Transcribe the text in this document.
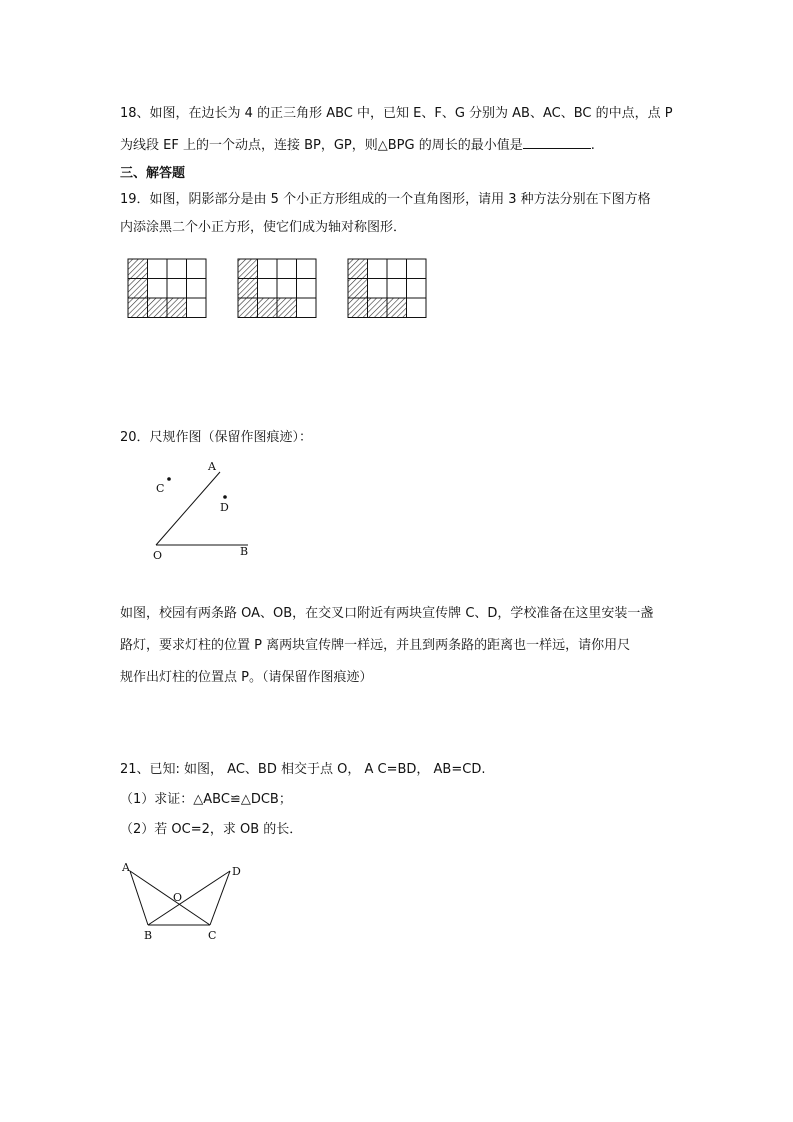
18、如图，在边长为 4 的正三角形 ABC 中，已知 E、F、G 分别为 AB、AC、BC 的中点，点 P
为线段 EF 上的一个动点，连接 BP，GP，则△BPG 的周长的最小值是	.
三、解答题
19．如图，阴影部分是由 5 个小正方形组成的一个直角图形，请用 3 种方法分别在下图方格
内添涂黑二个小正方形，使它们成为轴对称图形．
20．尺规作图（保留作图痕迹）：
A
C
D
O	B
如图，校园有两条路 OA、OB，在交叉口附近有两块宣传牌 C、D，学校准备在这里安装一盏
路灯，要求灯柱的位置 P 离两块宣传牌一样远，并且到两条路的距离也一样远，请你用尺
规作出灯柱的位置点 P。（请保留作图痕迹）
21、已知: 如图， AC、BD 相交于点 O， A C=BD， AB=CD.
（1）求证：△ABC≌△DCB；
（2）若 OC=2，求 OB 的长．
A	D
O
B	C
